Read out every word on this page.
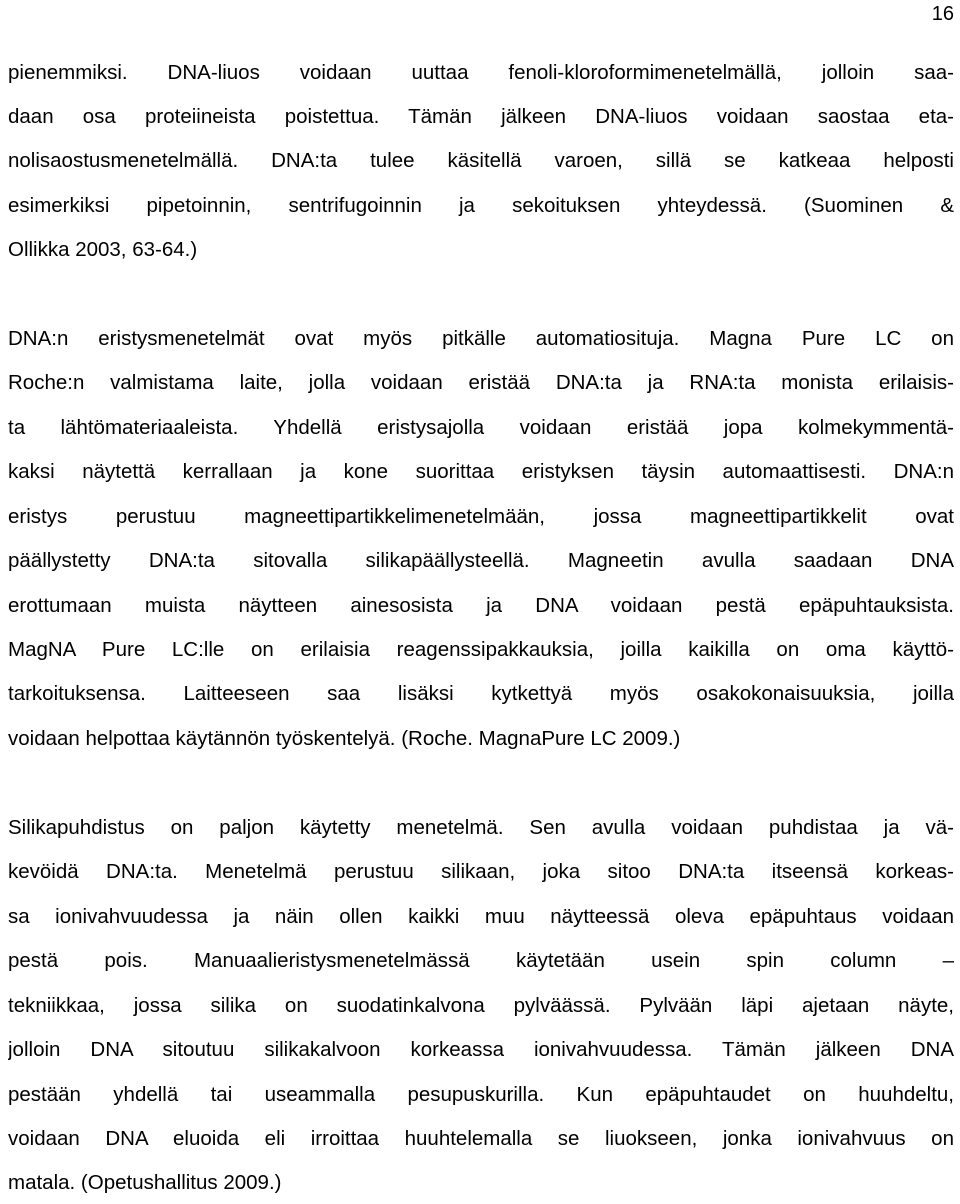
16
pienemmiksi. DNA-liuos voidaan uuttaa fenoli-kloroformimenetelmällä, jolloin saa-
daan osa proteiineista poistettua. Tämän jälkeen DNA-liuos voidaan saostaa eta-
nolisaostusmenetelmällä. DNA:ta tulee käsitellä varoen, sillä se katkeaa helposti
esimerkiksi pipetoinnin, sentrifugoinnin ja sekoituksen yhteydessä. (Suominen &
Ollikka 2003, 63-64.)
DNA:n eristysmenetelmät ovat myös pitkälle automatiosituja. Magna Pure LC on
Roche:n valmistama laite, jolla voidaan eristää DNA:ta ja RNA:ta monista erilaisis-
ta lähtömateriaaleista. Yhdellä eristysajolla voidaan eristää jopa kolmekymmentä-
kaksi näytettä kerrallaan ja kone suorittaa eristyksen täysin automaattisesti. DNA:n
eristys perustuu magneettipartikkelimenetelmään, jossa magneettipartikkelit ovat
päällystetty DNA:ta sitovalla silikapäällysteellä. Magneetin avulla saadaan DNA
erottumaan muista näytteen ainesosista ja DNA voidaan pestä epäpuhtauksista.
MagNA Pure LC:lle on erilaisia reagenssipakkauksia, joilla kaikilla on oma käyttö-
tarkoituksensa. Laitteeseen saa lisäksi kytkettyä myös osakokonaisuuksia, joilla
voidaan helpottaa käytännön työskentelyä. (Roche. MagnaPure LC 2009.)
Silikapuhdistus on paljon käytetty menetelmä. Sen avulla voidaan puhdistaa ja vä-
kevöidä DNA:ta. Menetelmä perustuu silikaan, joka sitoo DNA:ta itseensä korkeas-
sa ionivahvuudessa ja näin ollen kaikki muu näytteessä oleva epäpuhtaus voidaan
pestä pois. Manuaalieristysmenetelmässä käytetään usein spin column –
tekniikkaa, jossa silika on suodatinkalvona pylväässä. Pylvään läpi ajetaan näyte,
jolloin DNA sitoutuu silikakalvoon korkeassa ionivahvuudessa. Tämän jälkeen DNA
pestään yhdellä tai useammalla pesupuskurilla. Kun epäpuhtaudet on huuhdeltu,
voidaan DNA eluoida eli irroittaa huuhtelemalla se liuokseen, jonka ionivahvuus on
matala. (Opetushallitus 2009.)
